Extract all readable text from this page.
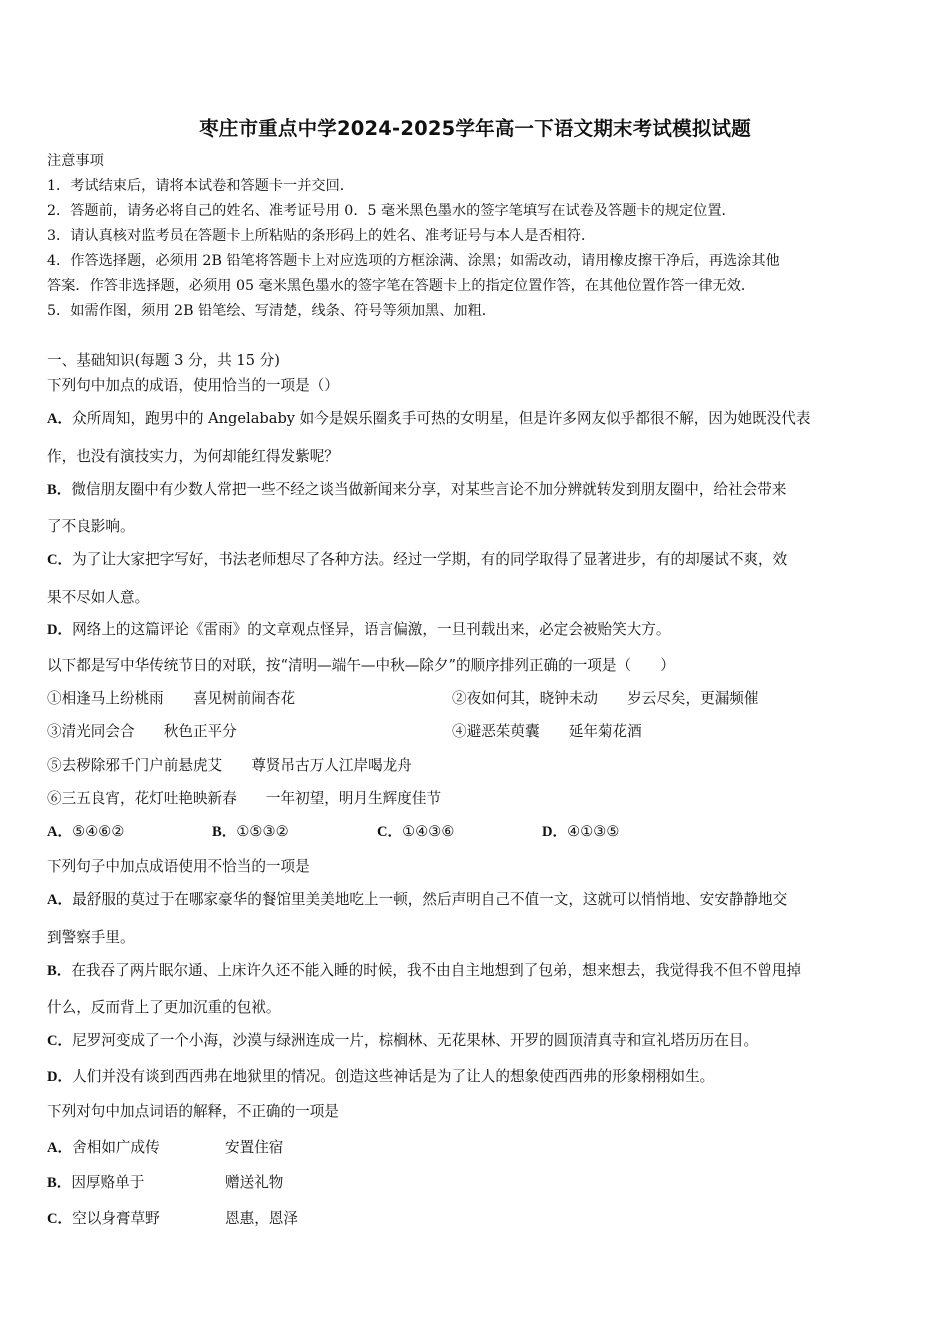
枣庄市重点中学2024-2025学年高一下语文期末考试模拟试题
注意事项
1．考试结束后，请将本试卷和答题卡一并交回．
2．答题前，请务必将自己的姓名、准考证号用 0．5 毫米黑色墨水的签字笔填写在试卷及答题卡的规定位置．
3．请认真核对监考员在答题卡上所粘贴的条形码上的姓名、准考证号与本人是否相符．
4．作答选择题，必须用 2B 铅笔将答题卡上对应选项的方框涂满、涂黑；如需改动，请用橡皮擦干净后，再选涂其他
答案．作答非选择题，必须用 05 毫米黑色墨水的签字笔在答题卡上的指定位置作答，在其他位置作答一律无效．
5．如需作图，须用 2B 铅笔绘、写清楚，线条、符号等须加黑、加粗．
一、基础知识(每题 3 分，共 15 分)
下列句中加点的成语，使用恰当的一项是（）
A．众所周知，跑男中的 Angelababy 如今是娱乐圈炙手可热的女明星，但是许多网友似乎都很不解，因为她既没代表
作，也没有演技实力，为何却能红得发紫呢？
B．微信朋友圈中有少数人常把一些不经之谈当做新闻来分享，对某些言论不加分辨就转发到朋友圈中，给社会带来
了不良影响。
C．为了让大家把字写好，书法老师想尽了各种方法。经过一学期，有的同学取得了显著进步，有的却屡试不爽，效
果不尽如人意。
D．网络上的这篇评论《雷雨》的文章观点怪异，语言偏激，一旦刊载出来，必定会被贻笑大方。
以下都是写中华传统节日的对联，按“清明—端午—中秋—除夕”的顺序排列正确的一项是（　　）
①相逢马上纷桃雨　　喜见树前闹杏花	②夜如何其，晓钟未动　　岁云尽矣，更漏频催
③清光同会合　　秋色正平分	④避恶茱萸囊　　延年菊花酒
⑤去秽除邪千门户前悬虎艾　　尊贤吊古万人江岸喝龙舟
⑥三五良宵，花灯吐艳映新春　　一年初望，明月生辉度佳节
A．⑤④⑥②	B．①⑤③②	C．①④③⑥	D．④①③⑤
下列句子中加点成语使用不恰当的一项是
A．最舒服的莫过于在哪家豪华的餐馆里美美地吃上一顿，然后声明自己不值一文，这就可以悄悄地、安安静静地交
到警察手里。
B．在我吞了两片眠尔通、上床许久还不能入睡的时候，我不由自主地想到了包弟，想来想去，我觉得我不但不曾甩掉
什么，反而背上了更加沉重的包袱。
C．尼罗河变成了一个小海，沙漠与绿洲连成一片，棕榈林、无花果林、开罗的圆顶清真寺和宣礼塔历历在目。
D．人们并没有谈到西西弗在地狱里的情况。创造这些神话是为了让人的想象使西西弗的形象栩栩如生。
下列对句中加点词语的解释，不正确的一项是
A．舍相如广成传	安置住宿
B．因厚赂单于	赠送礼物
C．空以身膏草野	恩惠，恩泽
